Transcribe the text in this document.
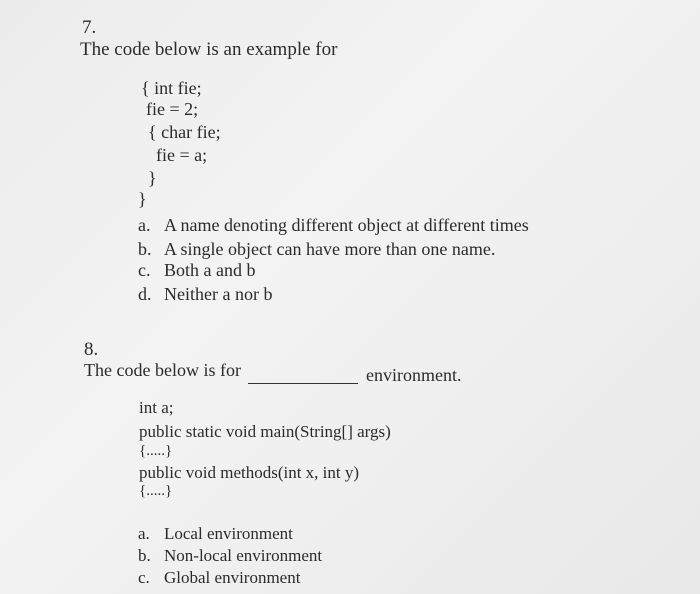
7.
The code below is an example for
{ int fie;
fie = 2;
{ char fie;
fie = a;
}
}
a. A name denoting different object at different times
b. A single object can have more than one name.
c. Both a and b
d. Neither a nor b
8.
The code below is for	environment.
int a;
public static void main(String[] args)
{.....}
public void methods(int x, int y)
{.....}
a. Local environment
b. Non-local environment
c. Global environment
